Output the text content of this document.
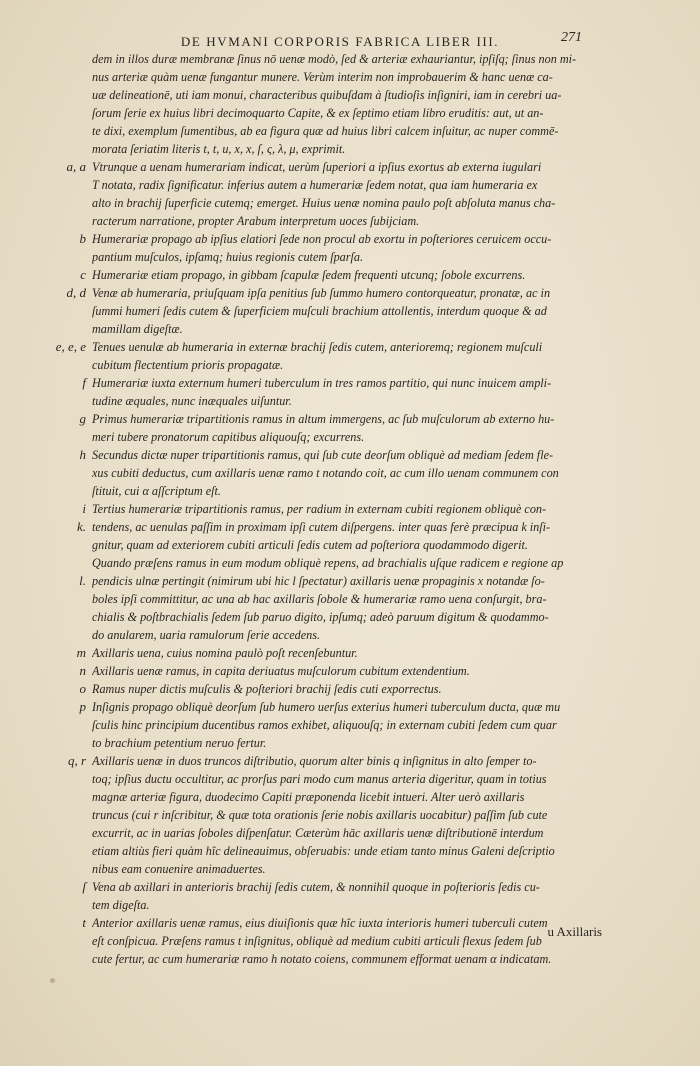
DE HVMANI CORPORIS FABRICA LIBER III.	271
dem in illos duræ membranæ ſinus nō uenæ modò, ſed & arteriæ exhauriantur, ipſiſq; ſinus non mi-
nus arteriæ quàm uenæ fungantur munere. Verùm interim non improbauerim & hanc uenæ ca-
uæ delineationē, uti iam monui, characteribus quibuſdam à ſtudioſis inſigniri, iam in cerebri ua-
ſorum ſerie ex huius libri decimoquarto Capite, & ex ſeptimo etiam libro eruditis: aut, ut an-
te dixi, exemplum ſumentibus, ab ea figura quæ ad huius libri calcem inſuitur, ac nuper commē-
morata ſeriatim literis t, t, u, x, x, ſ, ς, λ, μ, exprimit.
a, a Vtrunque a uenam humerariam indicat, uerùm ſuperiori a ipſius exortus ab externa iugulari
T notata, radix ſignificatur. inferius autem a humerariæ ſedem notat, qua iam humeraria ex
alto in brachij ſuperficie cutemq; emerget. Huius uenæ nomina paulo poſt abſoluta manus cha-
racterum narratione, propter Arabum interpretum uoces ſubijciam.
b Humerariæ propago ab ipſius elatiori ſede non procul ab exortu in poſteriores ceruicem occu-
pantium muſculos, ipſamq; huius regionis cutem ſparſa.
c Humerariæ etiam propago, in gibbam ſcapulæ ſedem frequenti utcunq; ſobole excurrens.
d, d Venæ ab humeraria, priuſquam ipſa penitius ſub ſummo humero contorqueatur, pronatæ, ac in
ſummi humeri ſedis cutem & ſuperficiem muſculi brachium attollentis, interdum quoque & ad
mamillam digeſtæ.
e, e, e Tenues uenulæ ab humeraria in externæ brachij ſedis cutem, anterioremq; regionem muſculi
cubitum flectentium prioris propagatæ.
f Humerariæ iuxta externum humeri tuberculum in tres ramos partitio, qui nunc inuicem ampli-
tudine æquales, nunc inæquales uiſuntur.
g Primus humerariæ tripartitionis ramus in altum immergens, ac ſub muſculorum ab externo hu-
meri tubere pronatorum capitibus aliquouſq; excurrens.
h Secundus dictæ nuper tripartitionis ramus, qui ſub cute deorſum obliquè ad mediam ſedem fle-
xus cubiti deductus, cum axillaris uenæ ramo t notando coit, ac cum illo uenam communem con
ſtituit, cui α aſſcriptum eſt.
i Tertius humerariæ tripartitionis ramus, per radium in externam cubiti regionem obliquè con-
k. tendens, ac uenulas paſſim in proximam ipſi cutem diſpergens. inter quas ferè præcipua k inſi-
gnitur, quam ad exteriorem cubiti articuli ſedis cutem ad poſteriora quodammodo digerit.
Quando præſens ramus in eum modum obliquè repens, ad brachialis uſque radicem e regione ap
l. pendicis ulnæ pertingit (nimirum ubi hic l ſpectatur) axillaris uenæ propaginis x notandæ ſo-
boles ipſi committitur, ac una ab hac axillaris ſobole & humerariæ ramo uena conſurgit, bra-
chialis & poſtbrachialis ſedem ſub paruo digito, ipſumq; adeò paruum digitum & quodammo-
do anularem, uaria ramulorum ſerie accedens.
m Axillaris uena, cuius nomina paulò poſt recenſebuntur.
n Axillaris uenæ ramus, in capita deriuatus muſculorum cubitum extendentium.
o Ramus nuper dictis muſculis & poſteriori brachij ſedis cuti exporrectus.
p Inſignis propago obliquè deorſum ſub humero uerſus exterius humeri tuberculum ducta, quæ mu
ſculis hinc principium ducentibus ramos exhibet, aliquouſq; in externam cubiti ſedem cum quar
to brachium petentium neruo fertur.
q, r Axillaris uenæ in duos truncos diſtributio, quorum alter binis q inſignitus in alto ſemper to-
toq; ipſius ductu occultitur, ac prorſus pari modo cum manus arteria digeritur, quam in totius
magnæ arteriæ figura, duodecimo Capiti præponenda licebit intueri. Alter uerò axillaris
truncus (cui r inſcribitur, & quæ tota orationis ſerie nobis axillaris uocabitur) paſſim ſub cute
excurrit, ac in uarias ſoboles diſpenſatur. Cæterùm hāc axillaris uenæ diſtributionē interdum
etiam altiùs fieri quàm hîc delineauimus, obſeruabis: unde etiam tanto minus Galeni deſcriptio
nibus eam conuenire animaduertes.
ſ Vena ab axillari in anterioris brachij ſedis cutem, & nonnihil quoque in poſterioris ſedis cu-
tem digeſta.
t Anterior axillaris uenæ ramus, eius diuiſionis quæ hîc iuxta interioris humeri tuberculi cutem
eſt conſpicua. Præſens ramus t inſignitus, obliquè ad medium cubiti articuli flexus ſedem ſub
cute fertur, ac cum humerariæ ramo h notato coiens, communem efformat uenam α indicatam.
u Axillaris
